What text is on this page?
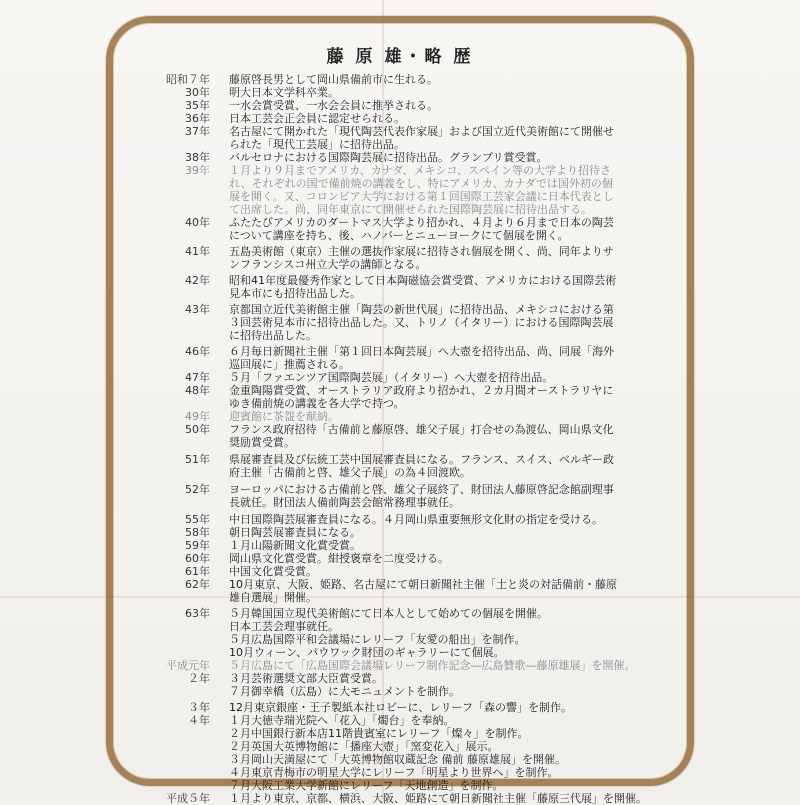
藤 原 雄・略 歴
昭和７年 藤原啓長男として岡山県備前市に生れる。
30年 明大日本文学科卒業。
35年 一水会賞受賞、一水会会員に推挙される。
36年 日本工芸会正会員に認定せられる。
37年 名古屋にて開かれた「現代陶芸代表作家展」および国立近代美術館にて開催せ
られた「現代工芸展」に招待出品。
38年 バルセロナにおける国際陶芸展に招待出品。グランプリ賞受賞。
39年 １月より９月までアメリカ、カナダ、メキシコ、スペイン等の大学より招待さ
れ、それぞれの国で備前焼の講義をし、特にアメリカ、カナダでは国外初の個
展を開く。又、コロンビア大学における第１回国際工芸家会議に日本代表とし
て出席した。尚、同年東京にて開催せられた国際陶芸展に招待出品する。
40年 ふたたびアメリカのダートマス大学より招かれ、４月より６月まで日本の陶芸
について講座を持ち、後、ハノバーとニューヨークにて個展を開く。
41年 五島美術館（東京）主催の選抜作家展に招待され個展を開く、尚、同年よりサ
ンフランシスコ州立大学の講師となる。
42年 昭和41年度最優秀作家として日本陶磁協会賞受賞、アメリカにおける国際芸術
見本市にも招待出品した。
43年 京都国立近代美術館主催「陶芸の新世代展」に招待出品、メキシコにおける第
３回芸術見本市に招待出品した。又、トリノ（イタリー）における国際陶芸展
に招待出品した。
46年 ６月毎日新聞社主催「第１回日本陶芸展」へ大壺を招待出品、尚、同展「海外
巡回展に」推薦される。
47年 ５月「ファエンツア国際陶芸展」（イタリー）へ大壺を招待出品。
48年 金重陶陽賞受賞、オーストラリア政府より招かれ、２カ月間オーストラリヤに
ゆき備前焼の講義を各大学で持つ。
49年 迎賓館に茶盌を献納。
50年 フランス政府招待「古備前と藤原啓、雄父子展」打合せの為渡仏、岡山県文化
奨励賞受賞。
51年 県展審査員及び伝統工芸中国展審査員になる。フランス、スイス、ベルギー政
府主催「古備前と啓、雄父子展」の為４回渡欧。
52年 ヨーロッパにおける古備前と啓、雄父子展終了、財団法人藤原啓記念館副理事
長就任。財団法人備前陶芸会館常務理事就任。
55年 中日国際陶芸展審査員になる。４月岡山県重要無形文化財の指定を受ける。
58年 朝日陶芸展審査員になる。
59年 １月山陽新聞文化賞受賞。
60年 岡山県文化賞受賞。紺授褒章を二度受ける。
61年 中国文化賞受賞。
62年 10月東京、大阪、姫路、名古屋にて朝日新聞社主催「土と炎の対話備前・藤原
雄自選展」開催。
63年 ５月韓国国立現代美術館にて日本人として始めての個展を開催。
日本工芸会理事就任。
５月広島国際平和会議場にレリーフ「友愛の船出」を制作。
10月ウィーン、パウワック財団のギャラリーにて個展。
平成元年 ５月広島にて「広島国際会議場レリーフ制作記念―広島贊歌―藤原雄展」を開催。
２年 ３月芸術選奨文部大臣賞受賞。
７月御幸橋（広島）に大モニュメントを制作。
３年 12月東京銀座・王子製紙本社ロビーに、レリーフ「森の響」を制作。
４年 １月大徳寺瑞光院へ「花入」「燭台」を奉納。
２月中国銀行新本店11階貴賓室にレリーフ「燦々」を制作。
２月英国大英博物館に「播座大壺」「窯変花入」展示。
３月岡山天満屋にて「大英博物館収蔵記念 備前 藤原雄展」を開催。
４月東京青梅市の明星大学にレリーフ「明星より世界へ」を制作。
７月大阪工業大学新館にレリーフ「天地創造」を制作。
平成５年 １月より東京、京都、横浜、大阪、姫路にて朝日新聞社主催「藤原三代展」を開催。
